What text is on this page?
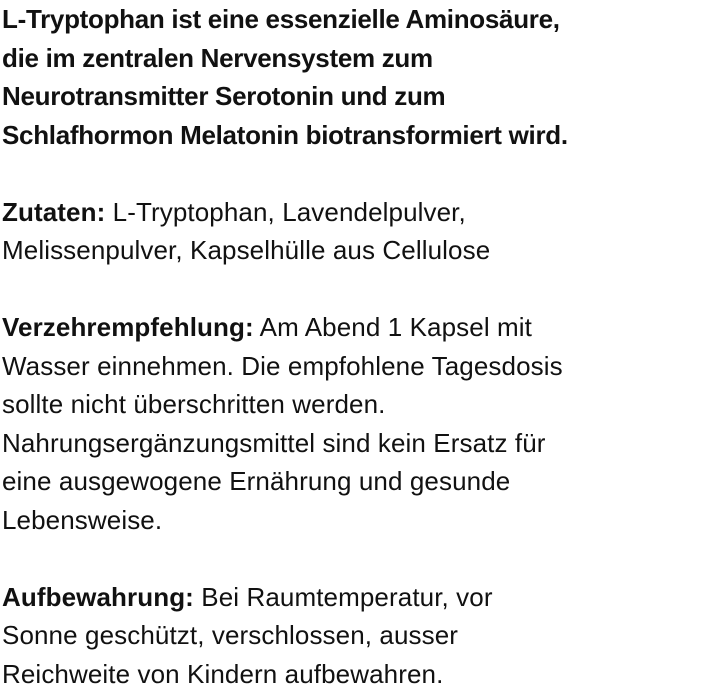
L-Tryptophan ist eine essenzielle Aminosäure,
die im zentralen Nervensystem zum
Neurotransmitter Serotonin und zum
Schlafhormon Melatonin biotransformiert wird.
Zutaten: L-Tryptophan, Lavendelpulver,
Melissenpulver, Kapselhülle aus Cellulose
Verzehrempfehlung: Am Abend 1 Kapsel mit
Wasser einnehmen. Die empfohlene Tagesdosis
sollte nicht überschritten werden.
Nahrungsergänzungsmittel sind kein Ersatz für
eine ausgewogene Ernährung und gesunde
Lebensweise.
Aufbewahrung: Bei Raumtemperatur, vor
Sonne geschützt, verschlossen, ausser
Reichweite von Kindern aufbewahren.
